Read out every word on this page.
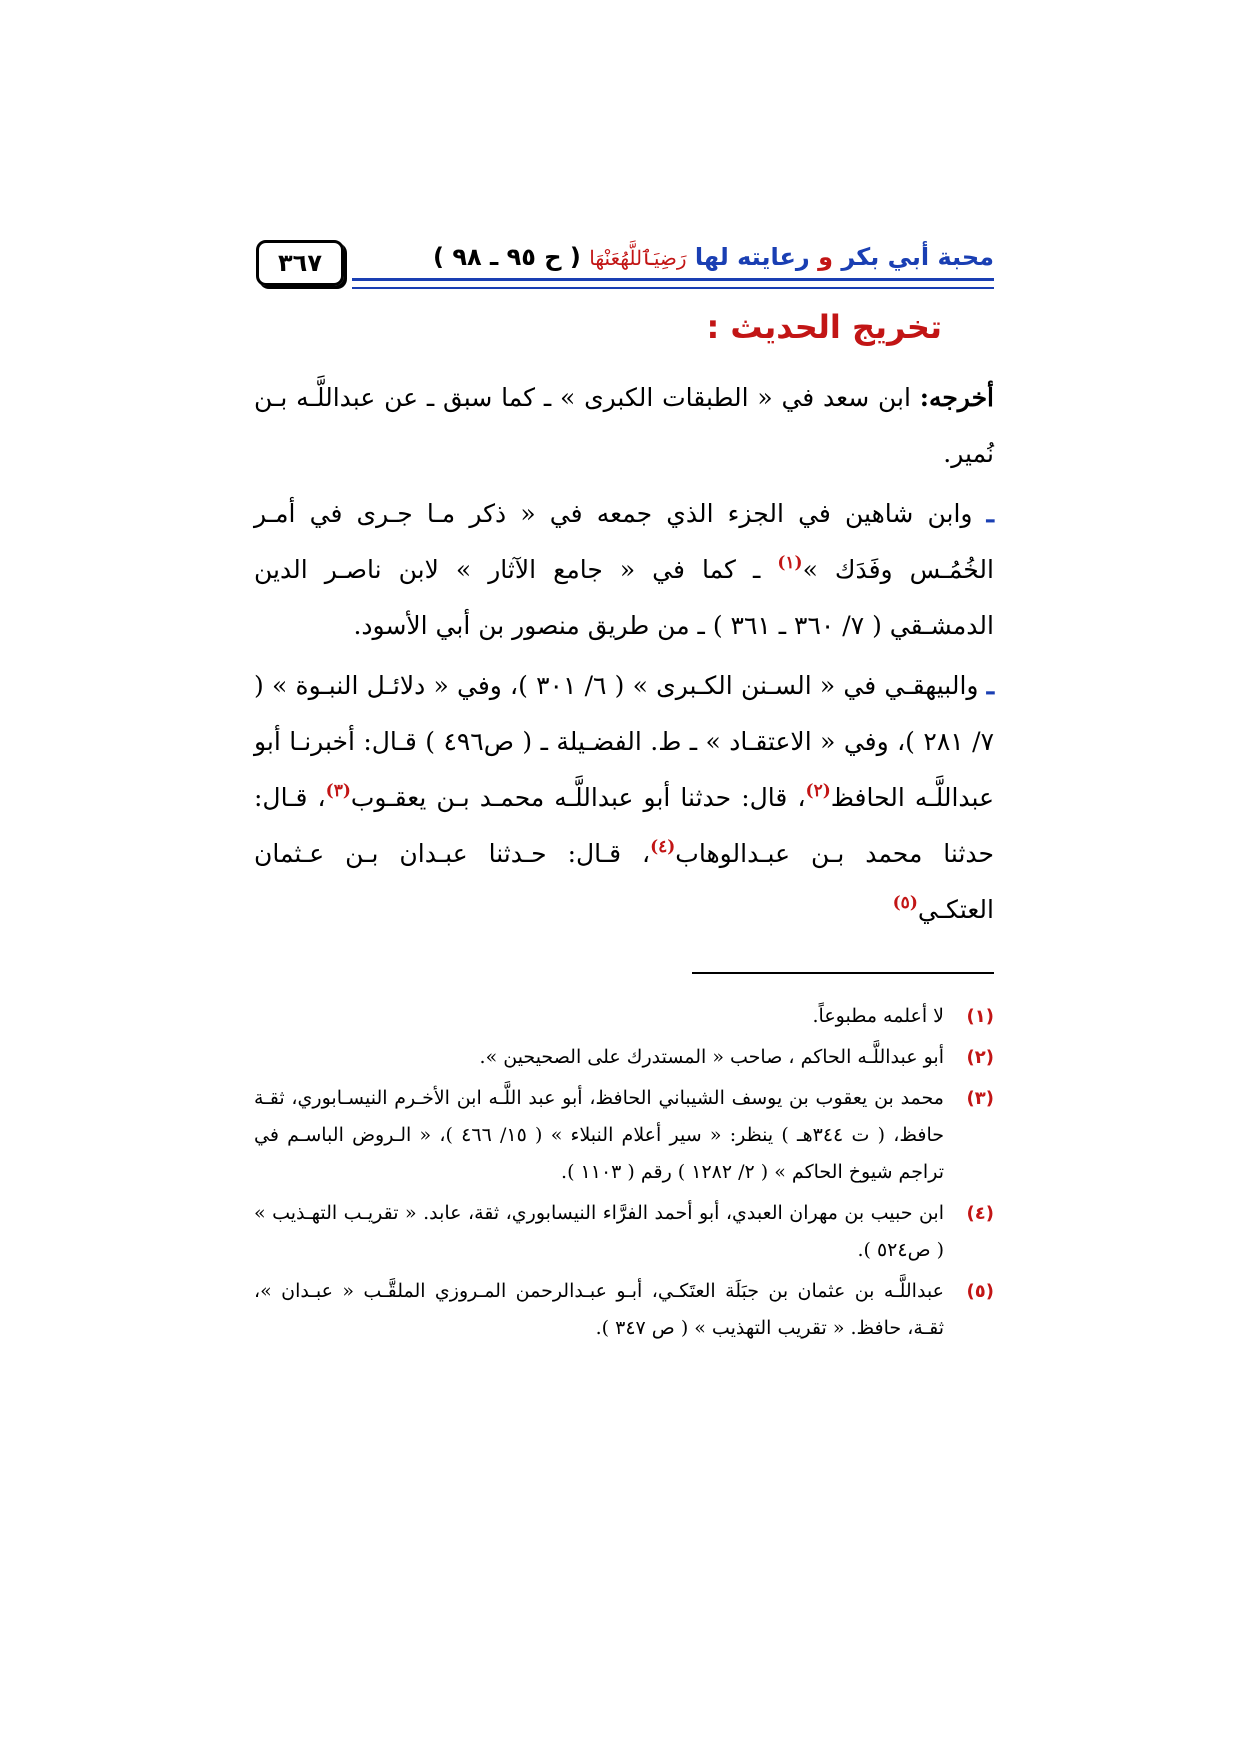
٣٦٧	محبة أبي بكر و رعايته لها رَضِيَٱللَّهُعَنْهَا ( ح ٩٥ ـ ٩٨ )
تخريج الحديث :

أخرجه: ابن سعد في « الطبقات الكبرى » ـ كما سبق ـ عن عبداللَّـه بـن نُمير.

ـ وابن شاهين في الجزء الذي جمعه في « ذكر مـا جـرى في أمـر الخُمُـس وفَدَك »$^{(١)}$ ـ كما في « جامع الآثار » لابن ناصـر الدين الدمشـقي ( ٧/ ٣٦٠ ـ ٣٦١ ) ـ من طريق منصور بن أبي الأسود.

ـ والبيهقـي في « السـنن الكـبرى » ( ٦/ ٣٠١ )، وفي « دلائـل النبـوة » ( ٧/ ٢٨١ )، وفي « الاعتقـاد » ـ ط. الفضـيلة ـ ( ص٤٩٦ ) قـال: أخبرنـا أبو عبداللَّـه الحافظ$^{(٢)}$، قال: حدثنا أبو عبداللَّـه محمـد بـن يعقـوب$^{(٣)}$، قـال: حدثنا محمد بـن عبـدالوهاب$^{(٤)}$، قـال: حـدثنا عبـدان بـن عـثمان العتكـي$^{(٥)}$

(١)
لا أعلمه مطبوعاً.
(٢)
أبو عبداللَّـه الحاكم ، صاحب « المستدرك على الصحيحين ».
(٣)
محمد بن يعقوب بن يوسف الشيباني الحافظ، أبو عبد اللَّـه ابن الأخـرم النيسـابوري، ثقـة حافظ، ( ت ٣٤٤هـ ) ينظر: « سير أعلام النبلاء » ( ١٥/ ٤٦٦ )، « الـروض الباسـم في تراجم شيوخ الحاكم » ( ٢/ ١٢٨٢ ) رقم ( ١١٠٣ ).
(٤)
ابن حبيب بن مهران العبدي، أبو أحمد الفرَّاء النيسابوري، ثقة، عابد. « تقريـب التهـذيب » ( ص٥٢٤ ).
(٥)
عبداللَّـه بن عثمان بن جبَلَة العتَكـي، أبـو عبـدالرحمن المـروزي الملقَّـب « عبـدان »، ثقـة، حافظ. « تقريب التهذيب » ( ص ٣٤٧ ).
